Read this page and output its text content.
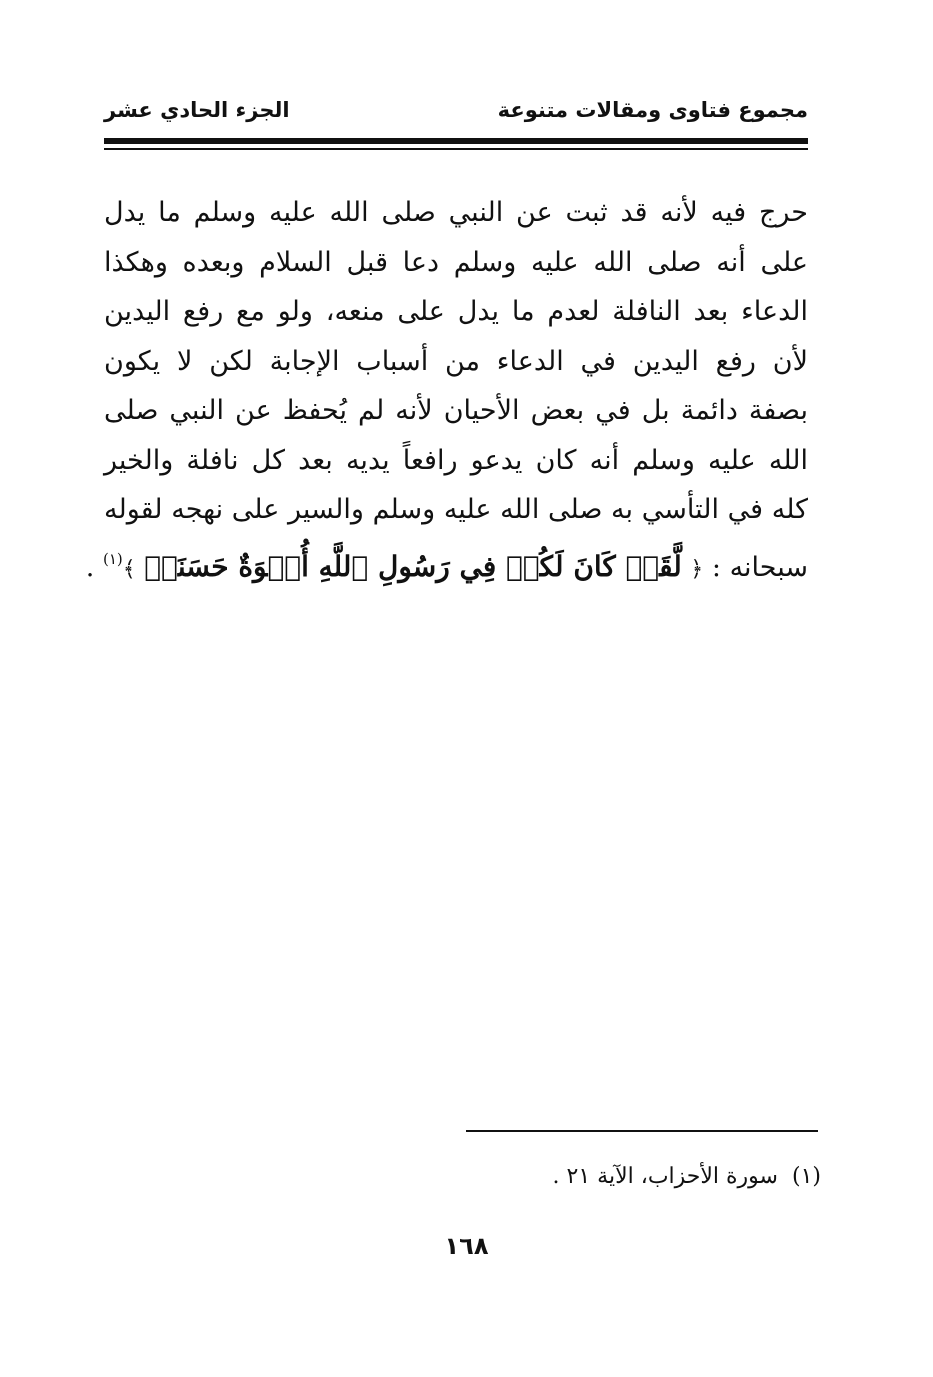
مجموع فتاوى ومقالات متنوعة
الجزء الحادي عشر
حرج فيه لأنه قد ثبت عن النبي صلى الله عليه وسلم ما يدل
على أنه صلى الله عليه وسلم دعا قبل السلام وبعده وهكذا
الدعاء بعد النافلة لعدم ما يدل على منعه، ولو مع رفع اليدين
لأن رفع اليدين في الدعاء من أسباب الإجابة لكن لا يكون
بصفة دائمة بل في بعض الأحيان لأنه لم يُحفظ عن النبي صلى
الله عليه وسلم أنه كان يدعو رافعاً يديه بعد كل نافلة والخير
كله في التأسي به صلى الله عليه وسلم والسير على نهجه لقوله
سبحانه : ﴿ لَّقَدۡ كَانَ لَكُمۡ فِي رَسُولِ ٱللَّهِ أُسۡوَةٌ حَسَنَةٞ ﴾$^{(١)}$ .
(١)سورة الأحزاب، الآية ٢١ .
١٦٨
